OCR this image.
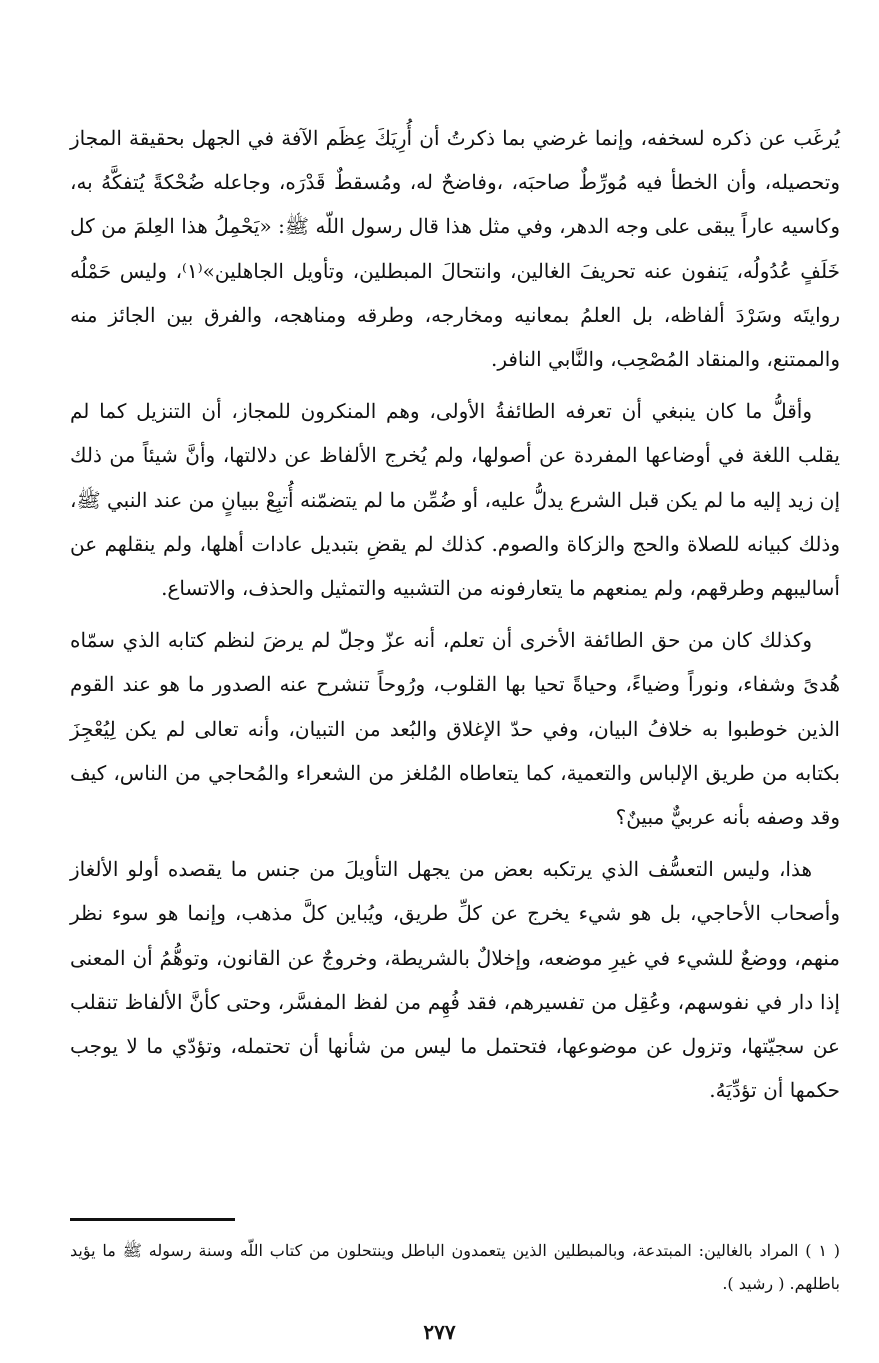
يُرغَب عن ذكره لسخفه، وإنما غرضي بما ذكرتُ أن أُرِيَكَ عِظَم الآفة في الجهل بحقيقة المجاز وتحصيله، وأن الخطأ فيه مُورِّطٌ صاحبَه، ،وفاضحٌ له، ومُسقطٌ قَدْرَه، وجاعله ضُحْكةً يُتفكَّهُ به، وكاسيه عاراً يبقى على وجه الدهر، وفي مثل هذا قال رسول اللّه ﷺ: «يَحْمِلُ هذا العِلمَ من كل خَلَفٍ عُدُولُه، يَنفون عنه تحريفَ الغالين، وانتحالَ المبطلين، وتأويل الجاهلين»⁽١⁾، وليس حَمْلُه روايتَه وسَرْدَ ألفاظه، بل العلمُ بمعانيه ومخارجه، وطرقه ومناهجه، والفرق بين الجائز منه والممتنع، والمنقاد المُصْحِب، والنَّابي النافر.

وأقلُّ ما كان ينبغي أن تعرفه الطائفةُ الأولى، وهم المنكرون للمجاز، أن التنزيل كما لم يقلب اللغة في أوضاعها المفردة عن أصولها، ولم يُخرج الألفاظ عن دلالتها، وأنَّ شيئاً من ذلك إن زيد إليه ما لم يكن قبل الشرع يدلُّ عليه، أو ضُمِّن ما لم يتضمّنه أُتبِعْ ببيانٍ من عند النبي ﷺ، وذلك كبيانه للصلاة والحج والزكاة والصوم. كذلك لم يقضِ بتبديل عادات أهلها، ولم ينقلهم عن أساليبهم وطرقهم، ولم يمنعهم ما يتعارفونه من التشبيه والتمثيل والحذف، والاتساع.

وكذلك كان من حق الطائفة الأخرى أن تعلم، أنه عزّ وجلّ لم يرضَ لنظم كتابه الذي سمّاه هُدىً وشفاء، ونوراً وضياءً، وحياةً تحيا بها القلوب، ورُوحاً تنشرح عنه الصدور ما هو عند القوم الذين خوطبوا به خلافُ البيان، وفي حدّ الإغلاق والبُعد من التبيان، وأنه تعالى لم يكن لِيُعْجِزَ بكتابه من طريق الإلباس والتعمية، كما يتعاطاه المُلغز من الشعراء والمُحاجي من الناس، كيف وقد وصفه بأنه عربيٌّ مبينٌ؟

هذا، وليس التعسُّف الذي يرتكبه بعض من يجهل التأويلَ من جنس ما يقصده أولو الألغاز وأصحاب الأحاجي، بل هو شيء يخرج عن كلِّ طريق، ويُباين كلَّ مذهب، وإنما هو سوء نظر منهم، ووضعٌ للشيء في غيرِ موضعه، وإخلالٌ بالشريطة، وخروجٌ عن القانون، وتوهُّمُ أن المعنى إذا دار في نفوسهم، وعُقِل من تفسيرهم، فقد فُهِم من لفظ المفسَّر، وحتى كأنَّ الألفاظ تنقلب عن سجيّتها، وتزول عن موضوعها، فتحتمل ما ليس من شأنها أن تحتمله، وتؤدّي ما لا يوجب حكمها أن تؤدِّيَهُ.

( ١ ) المراد بالغالين: المبتدعة، وبالمبطلين الذين يتعمدون الباطل وينتحلون من كتاب اللّه وسنة رسوله ﷺ ما يؤيد باطلهم. ( رشيد ).

٢٧٧
